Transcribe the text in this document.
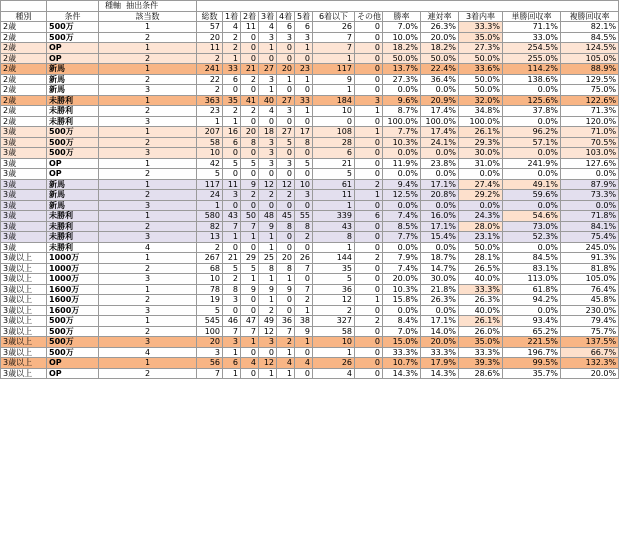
		種軸 抽出条件													
種別	条件	該当数	総数	1着	2着	3着	4着	5着	6着以下	その他	勝率	連対率	3着内率	単勝回収率	複勝回収率
2歳	500万	1	57	4	11	4	6	6	26	0	7.0%	26.3%	33.3%	71.1%	82.1%
2歳	500万	2	20	2	0	3	3	3	7	0	10.0%	20.0%	35.0%	33.0%	84.5%
2歳	OP	1	11	2	0	1	0	1	7	0	18.2%	18.2%	27.3%	254.5%	124.5%
2歳	OP	2	2	1	0	0	0	0	1	0	50.0%	50.0%	50.0%	255.0%	105.0%
2歳	新馬	1	241	33	21	27	20	23	117	0	13.7%	22.4%	33.6%	114.2%	88.9%
2歳	新馬	2	22	6	2	3	1	1	9	0	27.3%	36.4%	50.0%	138.6%	129.5%
2歳	新馬	3	2	0	0	1	0	0	1	0	0.0%	0.0%	50.0%	0.0%	75.0%
2歳	未勝利	1	363	35	41	40	27	33	184	3	9.6%	20.9%	32.0%	125.6%	122.6%
2歳	未勝利	2	23	2	2	4	3	1	10	1	8.7%	17.4%	34.8%	37.8%	71.3%
2歳	未勝利	3	1	1	0	0	0	0	0	0	100.0%	100.0%	100.0%	0.0%	120.0%
3歳	500万	1	207	16	20	18	27	17	108	1	7.7%	17.4%	26.1%	96.2%	71.0%
3歳	500万	2	58	6	8	3	5	8	28	0	10.3%	24.1%	29.3%	57.1%	70.5%
3歳	500万	3	10	0	0	3	0	0	6	0	0.0%	0.0%	30.0%	0.0%	103.0%
3歳	OP	1	42	5	5	3	3	5	21	0	11.9%	23.8%	31.0%	241.9%	127.6%
3歳	OP	2	5	0	0	0	0	0	5	0	0.0%	0.0%	0.0%	0.0%	0.0%
3歳	新馬	1	117	11	9	12	12	10	61	2	9.4%	17.1%	27.4%	49.1%	87.9%
3歳	新馬	2	24	3	2	2	2	3	11	1	12.5%	20.8%	29.2%	59.6%	73.3%
3歳	新馬	3	1	0	0	0	0	0	1	0	0.0%	0.0%	0.0%	0.0%	0.0%
3歳	未勝利	1	580	43	50	48	45	55	339	6	7.4%	16.0%	24.3%	54.6%	71.8%
3歳	未勝利	2	82	7	7	9	8	8	43	0	8.5%	17.1%	28.0%	73.0%	84.1%
3歳	未勝利	3	13	1	1	1	0	2	8	0	7.7%	15.4%	23.1%	52.3%	75.4%
3歳	未勝利	4	2	0	0	1	0	0	1	0	0.0%	0.0%	50.0%	0.0%	245.0%
3歳以上	1000万	1	267	21	29	25	20	26	144	2	7.9%	18.7%	28.1%	84.5%	91.3%
3歳以上	1000万	2	68	5	5	8	8	7	35	0	7.4%	14.7%	26.5%	83.1%	81.8%
3歳以上	1000万	3	10	2	1	1	1	0	5	0	20.0%	30.0%	40.0%	113.0%	105.0%
3歳以上	1600万	1	78	8	9	9	9	7	36	0	10.3%	21.8%	33.3%	61.8%	76.4%
3歳以上	1600万	2	19	3	0	1	0	2	12	1	15.8%	26.3%	26.3%	94.2%	45.8%
3歳以上	1600万	3	5	0	0	2	0	1	2	0	0.0%	0.0%	40.0%	0.0%	230.0%
3歳以上	500万	1	545	46	47	49	36	38	327	2	8.4%	17.1%	26.1%	93.4%	79.4%
3歳以上	500万	2	100	7	7	12	7	9	58	0	7.0%	14.0%	26.0%	65.2%	75.7%
3歳以上	500万	3	20	3	1	3	2	1	10	0	15.0%	20.0%	35.0%	221.5%	137.5%
3歳以上	500万	4	3	1	0	0	1	0	1	0	33.3%	33.3%	33.3%	196.7%	66.7%
3歳以上	OP	1	56	6	4	12	4	4	26	0	10.7%	17.9%	39.3%	99.5%	132.3%
3歳以上	OP	2	7	1	0	1	1	0	4	0	14.3%	14.3%	28.6%	35.7%	20.0%
